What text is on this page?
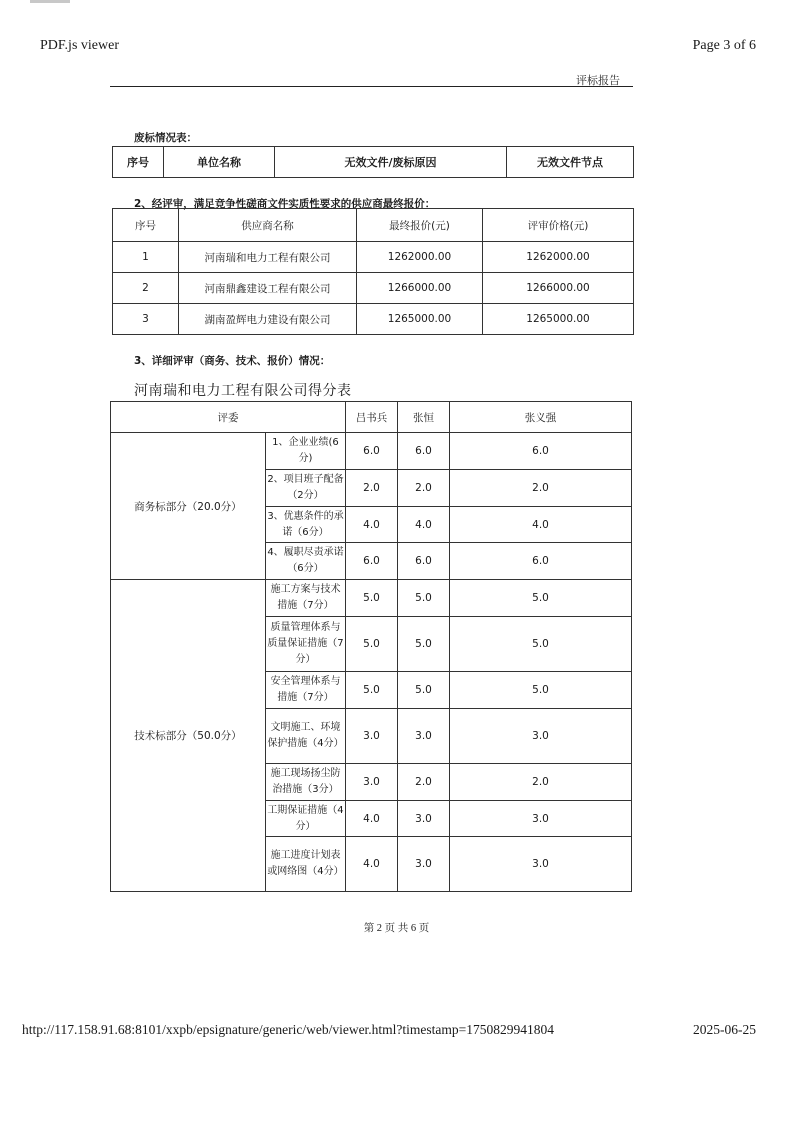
PDF.js viewer	Page 3 of 6
评标报告
废标情况表：
序号	单位名称	无效文件/废标原因	无效文件节点
2、经评审，满足竞争性磋商文件实质性要求的供应商最终报价：
序号	供应商名称	最终报价(元)	评审价格(元)
1	河南瑞和电力工程有限公司	1262000.00	1262000.00
2	河南鼎鑫建设工程有限公司	1266000.00	1266000.00
3	湖南盈辉电力建设有限公司	1265000.00	1265000.00
3、详细评审（商务、技术、报价）情况：
河南瑞和电力工程有限公司得分表
评委		吕书兵	张恒	张义强
商务标部分（20.0分）	1、企业业绩(6分)	6.0	6.0	6.0
	2、项目班子配备（2分）	2.0	2.0	2.0
	3、优惠条件的承诺（6分）	4.0	4.0	4.0
	4、履职尽责承诺（6分）	6.0	6.0	6.0
技术标部分（50.0分）	施工方案与技术措施（7分）	5.0	5.0	5.0
	质量管理体系与质量保证措施（7分）	5.0	5.0	5.0
	安全管理体系与措施（7分）	5.0	5.0	5.0
	文明施工、环境保护措施（4分）	3.0	3.0	3.0
	施工现场扬尘防治措施（3分）	3.0	2.0	2.0
	工期保证措施（4分）	4.0	3.0	3.0
	施工进度计划表或网络图（4分）	4.0	3.0	3.0
第 2 页 共 6 页
http://117.158.91.68:8101/xxpb/epsignature/generic/web/viewer.html?timestamp=1750829941804	2025-06-25
